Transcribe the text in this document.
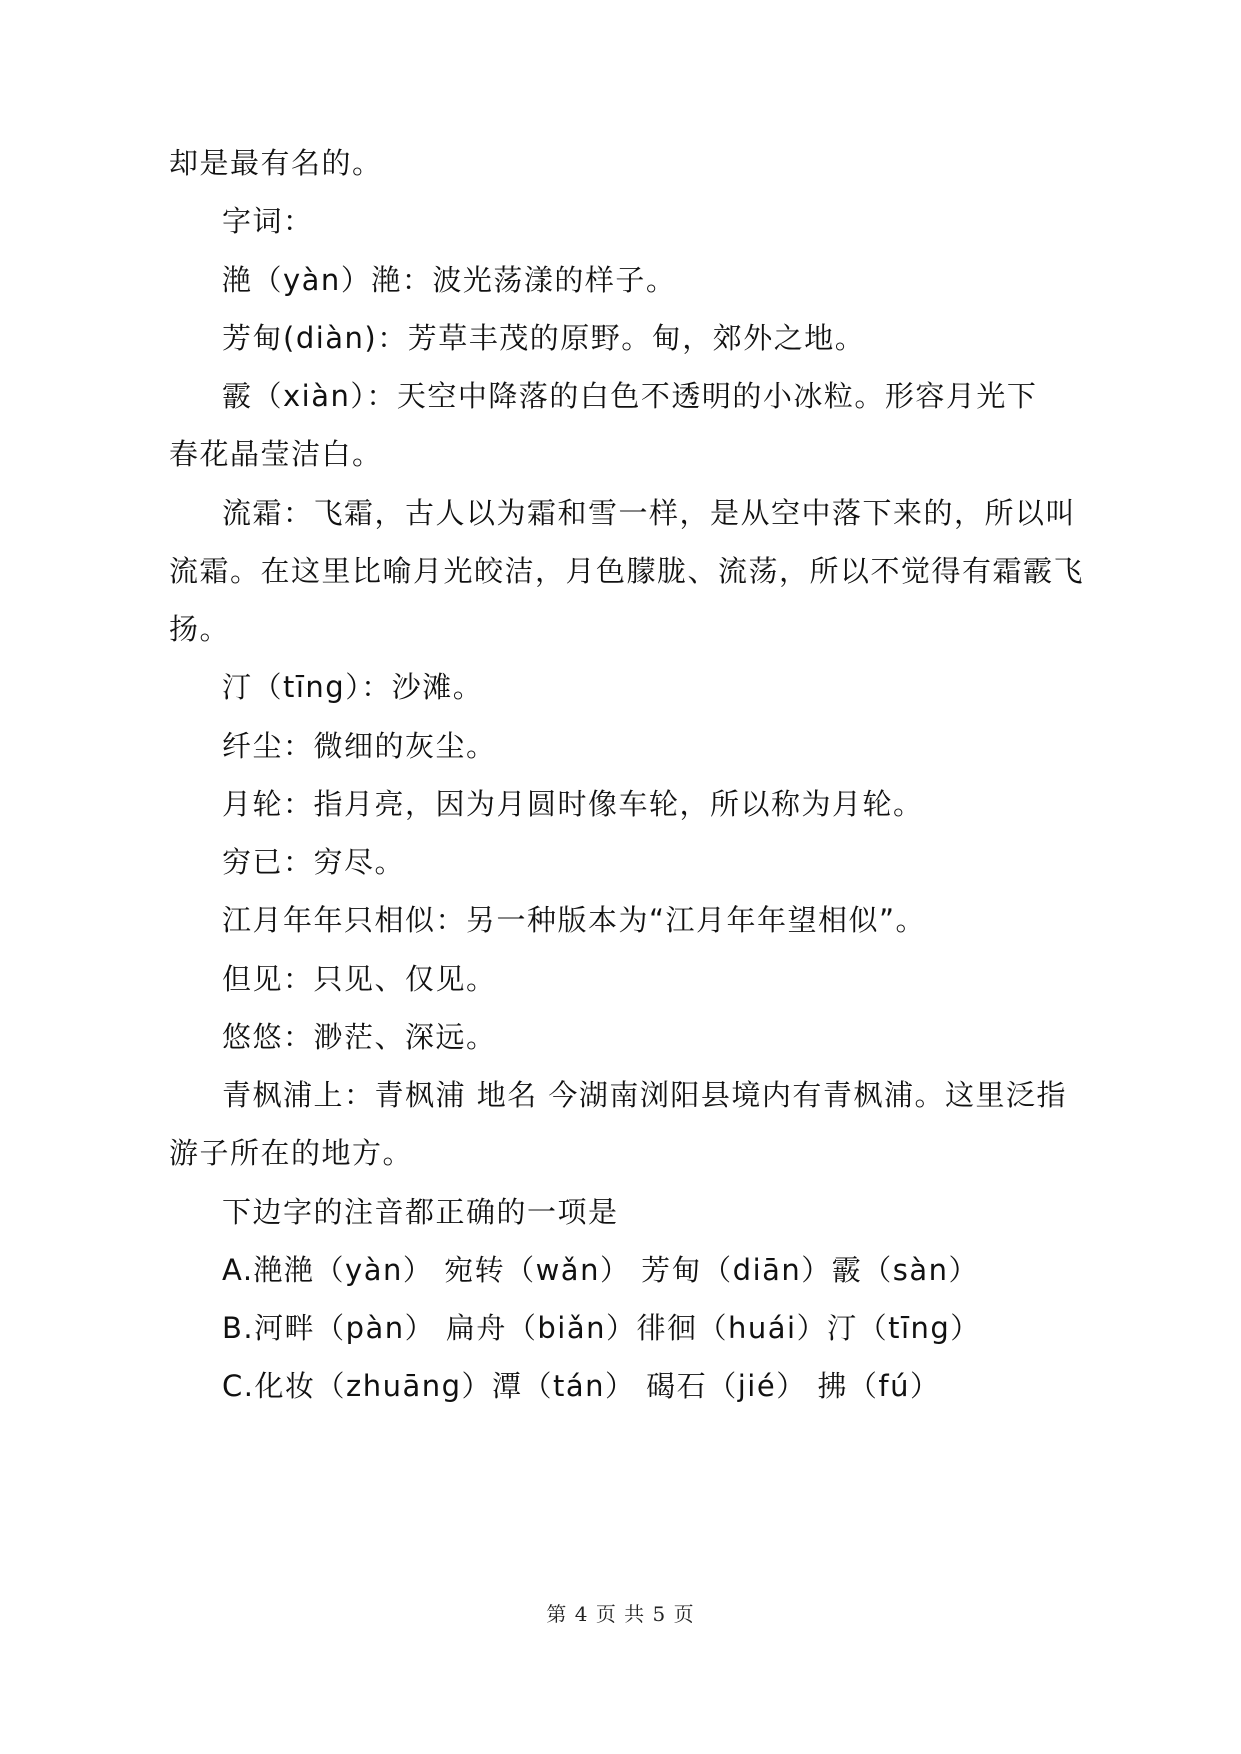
却是最有名的。
字词：
滟（yàn）滟：波光荡漾的样子。
芳甸(diàn)：芳草丰茂的原野。甸，郊外之地。
霰（xiàn）：天空中降落的白色不透明的小冰粒。形容月光下
春花晶莹洁白。
流霜：飞霜，古人以为霜和雪一样，是从空中落下来的，所以叫
流霜。在这里比喻月光皎洁，月色朦胧、流荡，所以不觉得有霜霰飞
扬。
汀（tīng）：沙滩。
纤尘：微细的灰尘。
月轮：指月亮，因为月圆时像车轮，所以称为月轮。
穷已：穷尽。
江月年年只相似：另一种版本为“江月年年望相似”。
但见：只见、仅见。
悠悠：渺茫、深远。
青枫浦上：青枫浦 地名 今湖南浏阳县境内有青枫浦。这里泛指
游子所在的地方。
下边字的注音都正确的一项是
A.滟滟（yàn） 宛转（wǎn） 芳甸（diān）霰（sàn）
B.河畔（pàn） 扁舟（biǎn）徘徊（huái）汀（tīng）
C.化妆（zhuāng）潭（tán） 碣石（jié） 拂（fú）
第 4 页 共 5 页
